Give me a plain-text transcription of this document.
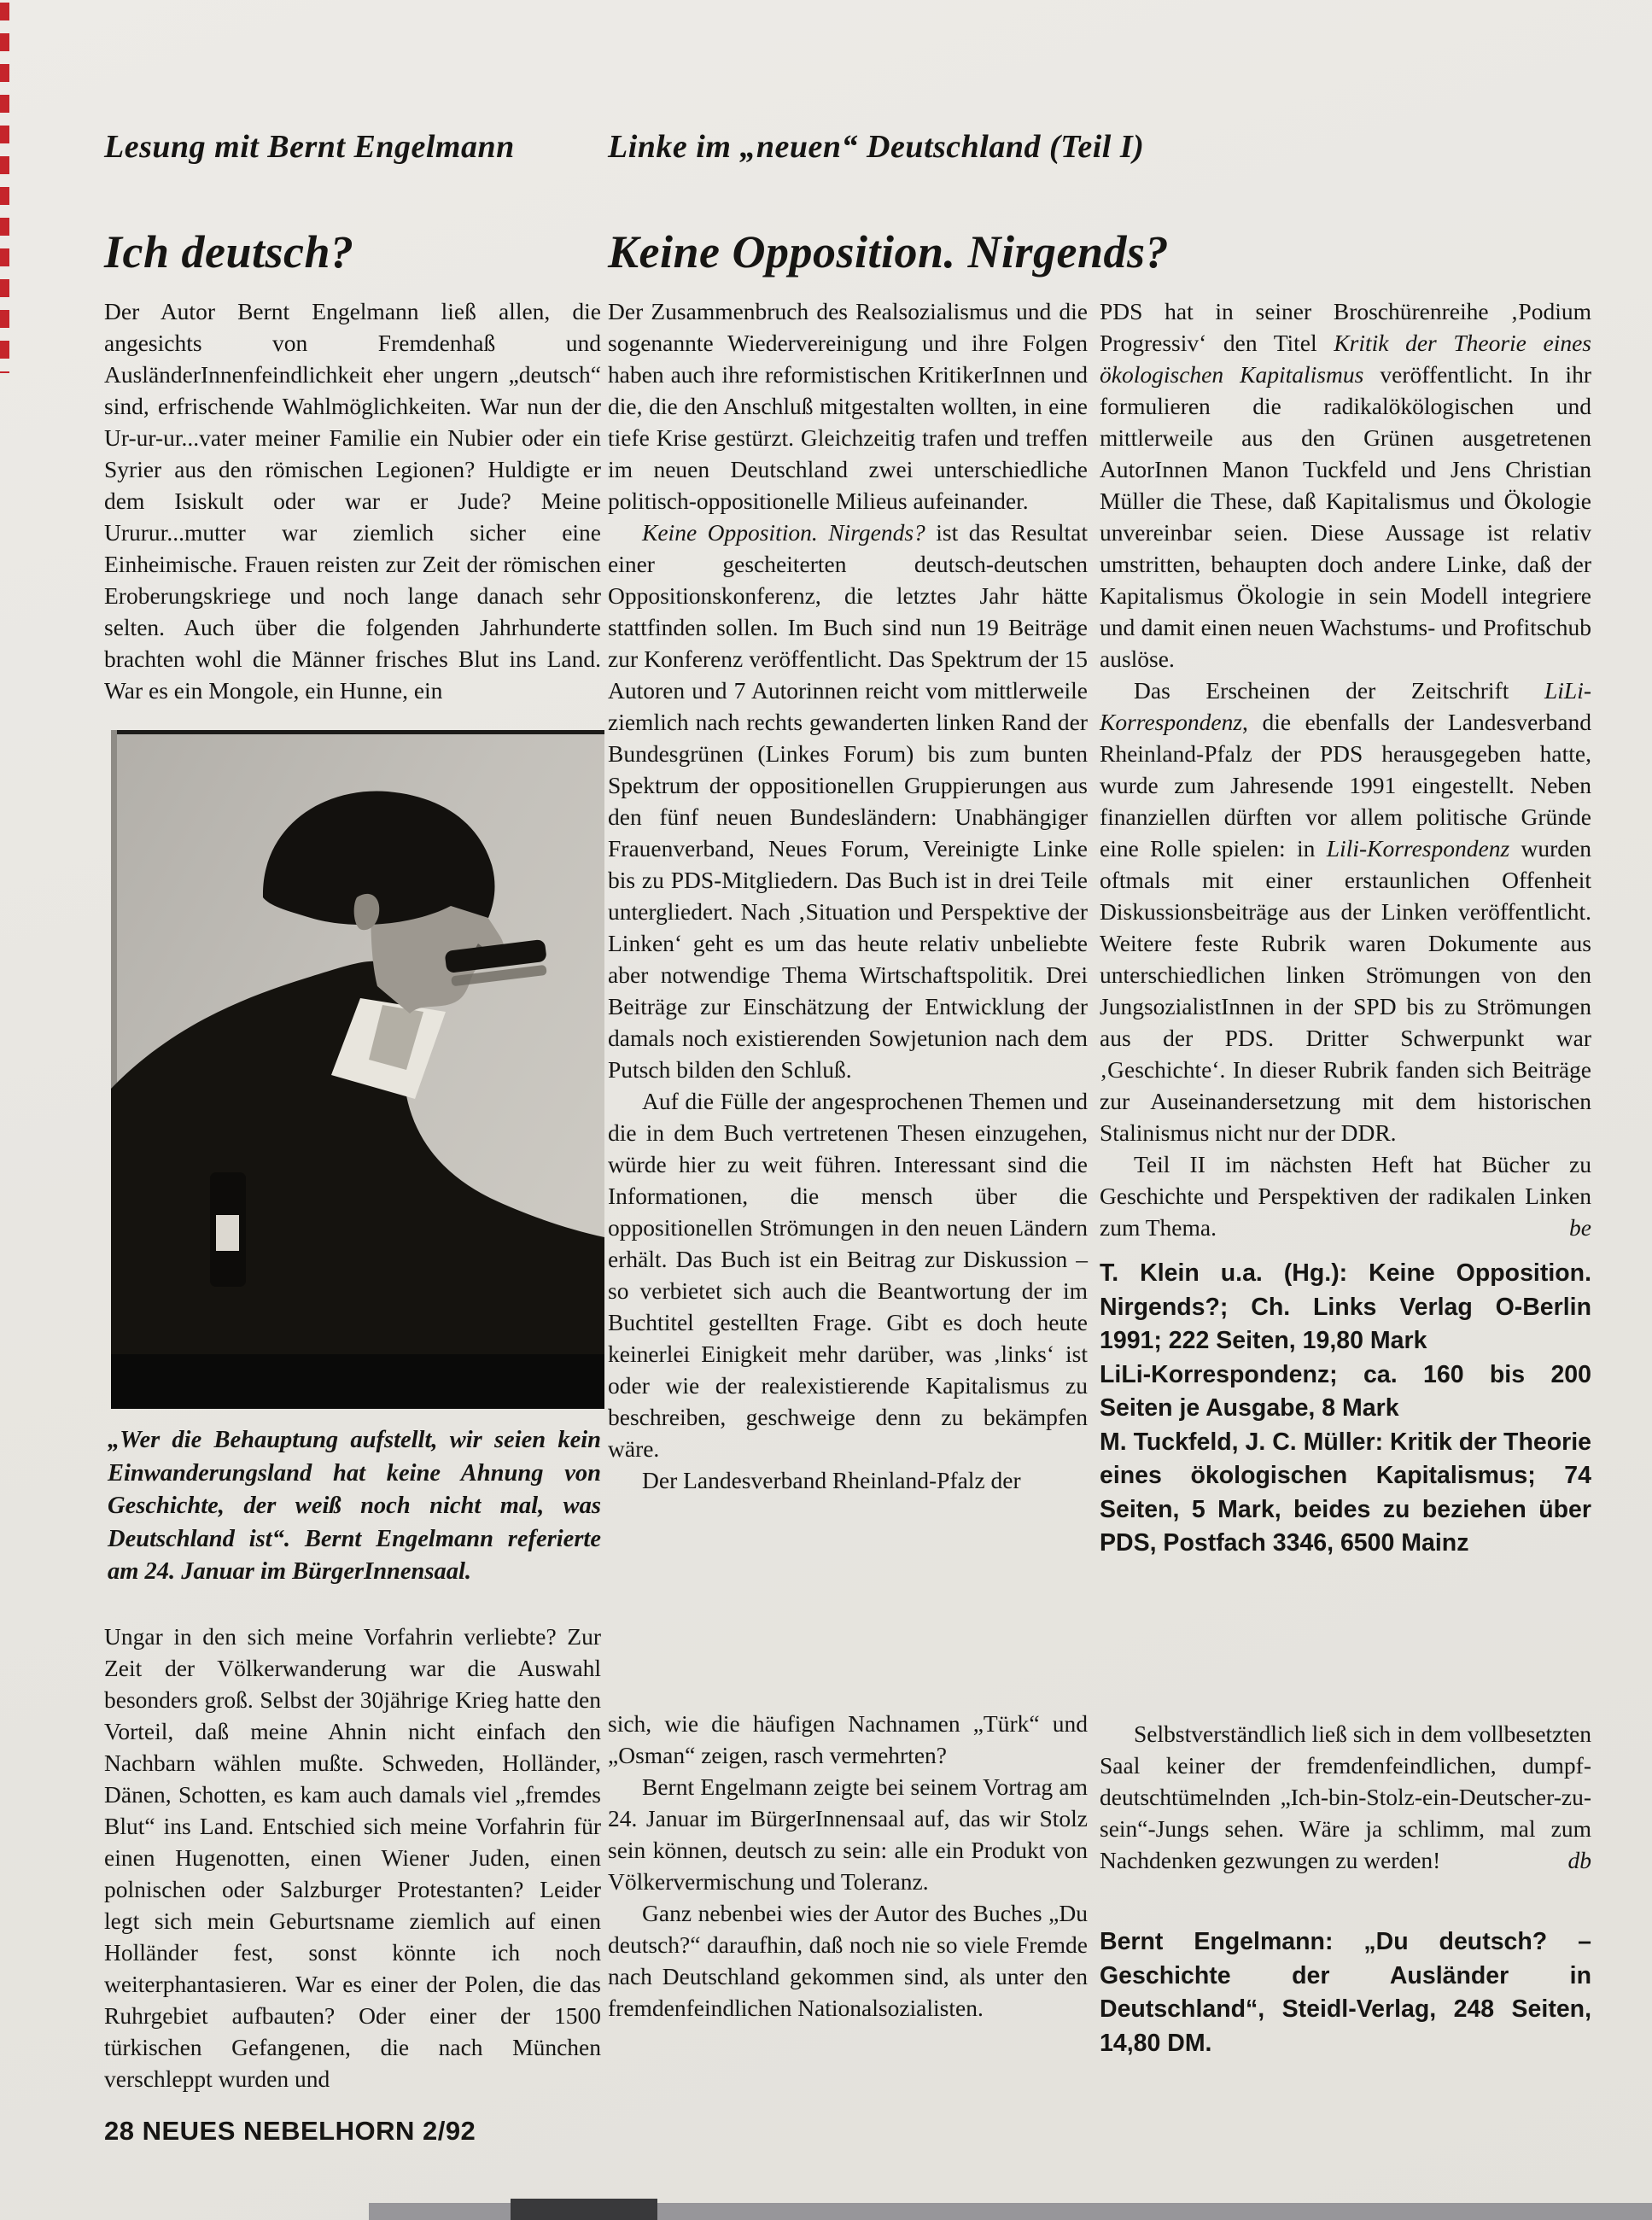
Lesung mit Bernt Engelmann	Linke im „neuen“ Deutschland (Teil I)
Ich deutsch?	Keine Opposition. Nirgends?

Der Autor Bernt Engelmann ließ allen, die angesichts von Fremdenhaß und AusländerInnenfeindlichkeit eher ungern „deutsch“ sind, erfrischende Wahlmöglichkeiten. War nun der Ur-ur-ur...vater meiner Familie ein Nubier oder ein Syrier aus den römischen Legionen? Huldigte er dem Isiskult oder war er Jude? Meine Ururur...mutter war ziemlich sicher eine Einheimische. Frauen reisten zur Zeit der römischen Eroberungskriege und noch lange danach sehr selten. Auch über die folgenden Jahrhunderte brachten wohl die Männer frisches Blut ins Land. War es ein Mongole, ein Hunne, ein

„Wer die Behauptung aufstellt, wir seien kein Einwanderungsland hat keine Ahnung von Geschichte, der weiß noch nicht mal, was Deutschland ist“. Bernt Engelmann referierte am 24. Januar im BürgerInnensaal.

Ungar in den sich meine Vorfahrin verliebte? Zur Zeit der Völkerwanderung war die Auswahl besonders groß. Selbst der 30jährige Krieg hatte den Vorteil, daß meine Ahnin nicht einfach den Nachbarn wählen mußte. Schweden, Holländer, Dänen, Schotten, es kam auch damals viel „fremdes Blut“ ins Land. Entschied sich meine Vorfahrin für einen Hugenotten, einen Wiener Juden, einen polnischen oder Salzburger Protestanten? Leider legt sich mein Geburtsname ziemlich auf einen Holländer fest, sonst könnte ich noch weiterphantasieren. War es einer der Polen, die das Ruhrgebiet aufbauten? Oder einer der 1500 türkischen Gefangenen, die nach München verschleppt wurden und

Der Zusammenbruch des Realsozialismus und die sogenannte Wiedervereinigung und ihre Folgen haben auch ihre reformistischen KritikerInnen und die, die den Anschluß mitgestalten wollten, in eine tiefe Krise gestürzt. Gleichzeitig trafen und treffen im neuen Deutschland zwei unterschiedliche politisch-oppositionelle Milieus aufeinander.

Keine Opposition. Nirgends? ist das Resultat einer gescheiterten deutsch-deutschen Oppositionskonferenz, die letztes Jahr hätte stattfinden sollen. Im Buch sind nun 19 Beiträge zur Konferenz veröffentlicht. Das Spektrum der 15 Autoren und 7 Autorinnen reicht vom mittlerweile ziemlich nach rechts gewanderten linken Rand der Bundesgrünen (Linkes Forum) bis zum bunten Spektrum der oppositionellen Gruppierungen aus den fünf neuen Bundesländern: Unabhängiger Frauenverband, Neues Forum, Vereinigte Linke bis zu PDS-Mitgliedern. Das Buch ist in drei Teile untergliedert. Nach ‚Situation und Perspektive der Linken‘ geht es um das heute relativ unbeliebte aber notwendige Thema Wirtschaftspolitik. Drei Beiträge zur Einschätzung der Entwicklung der damals noch existierenden Sowjetunion nach dem Putsch bilden den Schluß.

Auf die Fülle der angesprochenen Themen und die in dem Buch vertretenen Thesen einzugehen, würde hier zu weit führen. Interessant sind die Informationen, die mensch über die oppositionellen Strömungen in den neuen Ländern erhält. Das Buch ist ein Beitrag zur Diskussion – so verbietet sich auch die Beantwortung der im Buchtitel gestellten Frage. Gibt es doch heute keinerlei Einigkeit mehr darüber, was ‚links‘ ist oder wie der realexistierende Kapitalismus zu beschreiben, geschweige denn zu bekämpfen wäre.

Der Landesverband Rheinland-Pfalz der

sich, wie die häufigen Nachnamen „Türk“ und „Osman“ zeigen, rasch vermehrten?

Bernt Engelmann zeigte bei seinem Vortrag am 24. Januar im BürgerInnensaal auf, das wir Stolz sein können, deutsch zu sein: alle ein Produkt von Völkervermischung und Toleranz.

Ganz nebenbei wies der Autor des Buches „Du deutsch?“ daraufhin, daß noch nie so viele Fremde nach Deutschland gekommen sind, als unter den fremdenfeindlichen Nationalsozialisten.

PDS hat in seiner Broschürenreihe ‚Podium Progressiv‘ den Titel Kritik der Theorie eines ökologischen Kapitalismus veröffentlicht. In ihr formulieren die radikalökölogischen und mittlerweile aus den Grünen ausgetretenen AutorInnen Manon Tuckfeld und Jens Christian Müller die These, daß Kapitalismus und Ökologie unvereinbar seien. Diese Aussage ist relativ umstritten, behaupten doch andere Linke, daß der Kapitalismus Ökologie in sein Modell integriere und damit einen neuen Wachstums- und Profitschub auslöse.

Das Erscheinen der Zeitschrift LiLi-Korrespondenz, die ebenfalls der Landesverband Rheinland-Pfalz der PDS herausgegeben hatte, wurde zum Jahresende 1991 eingestellt. Neben finanziellen dürften vor allem politische Gründe eine Rolle spielen: in Lili-Korrespondenz wurden oftmals mit einer erstaunlichen Offenheit Diskussionsbeiträge aus der Linken veröffentlicht. Weitere feste Rubrik waren Dokumente aus unterschiedlichen linken Strömungen von den JungsozialistInnen in der SPD bis zu Strömungen aus der PDS. Dritter Schwerpunkt war ‚Geschichte‘. In dieser Rubrik fanden sich Beiträge zur Auseinandersetzung mit dem historischen Stalinismus nicht nur der DDR.

Teil II im nächsten Heft hat Bücher zu Geschichte und Perspektiven der radikalen Linken zum Thema.	be

T. Klein u.a. (Hg.): Keine Opposition. Nirgends?; Ch. Links Verlag O-Berlin 1991; 222 Seiten, 19,80 Mark

LiLi-Korrespondenz; ca. 160 bis 200 Seiten je Ausgabe, 8 Mark

M. Tuckfeld, J. C. Müller: Kritik der Theorie eines ökologischen Kapitalismus; 74 Seiten, 5 Mark, beides zu beziehen über PDS, Postfach 3346, 6500 Mainz

Selbstverständlich ließ sich in dem vollbesetzten Saal keiner der fremdenfeindlichen, dumpf-deutschtümelnden „Ich-bin-Stolz-ein-Deutscher-zu-sein“-Jungs sehen. Wäre ja schlimm, mal zum Nachdenken gezwungen zu werden!	db

Bernt Engelmann: „Du deutsch? – Geschichte der Ausländer in Deutschland“, Steidl-Verlag, 248 Seiten, 14,80 DM.

28 NEUES NEBELHORN 2/92
